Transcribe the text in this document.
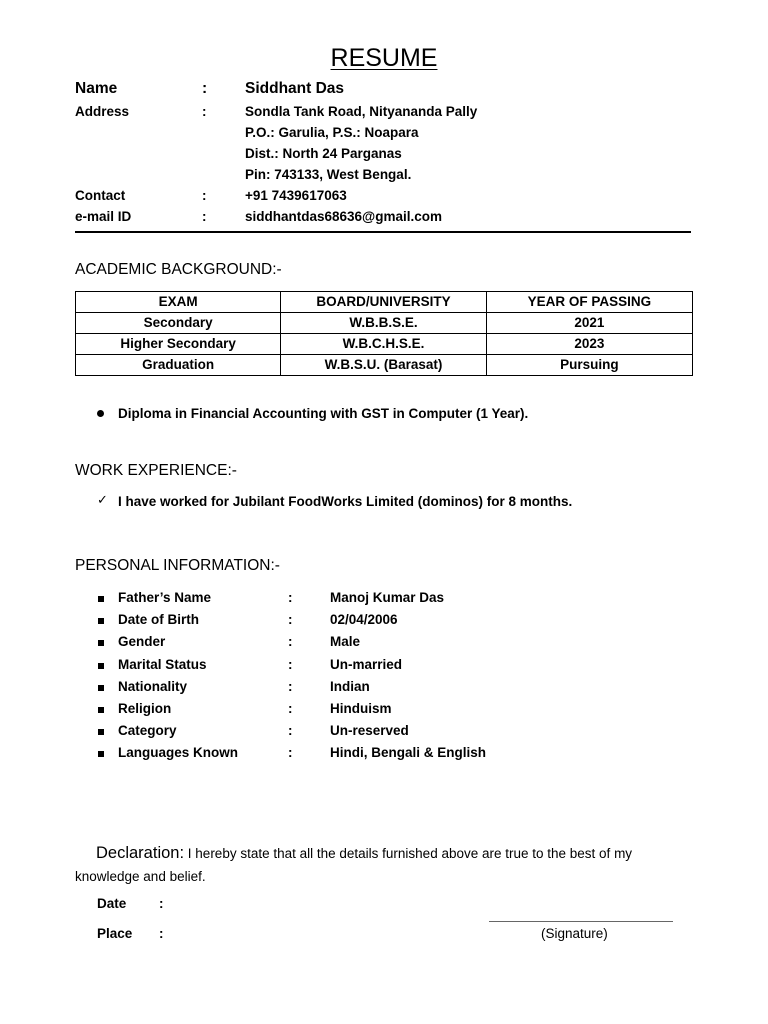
RESUME
Name	: Siddhant Das
Address	:	Sondla Tank Road, Nityananda Pally
P.O.: Garulia, P.S.: Noapara
Dist.: North 24 Parganas
Pin: 743133, West Bengal.
Contact	:	+91 7439617063
e-mail ID	:	siddhantdas68636@gmail.com
ACADEMIC BACKGROUND:-
EXAM	BOARD/UNIVERSITY	YEAR OF PASSING
Secondary	W.B.B.S.E.	2021
Higher Secondary	W.B.C.H.S.E.	2023
Graduation	W.B.S.U. (Barasat)	Pursuing
Diploma in Financial Accounting with GST in Computer (1 Year).
WORK EXPERIENCE:-
✓ I have worked for Jubilant FoodWorks Limited (dominos) for 8 months.
PERSONAL INFORMATION:-
Father’s Name	:	Manoj Kumar Das
Date of Birth	:	02/04/2006
Gender	:	Male
Marital Status	:	Un-married
Nationality	:	Indian
Religion	:	Hinduism
Category	:	Un-reserved
Languages Known	:	Hindi, Bengali & English
Declaration: I hereby state that all the details furnished above are true to the best of my knowledge and belief.
Date :
Place :	(Signature)
